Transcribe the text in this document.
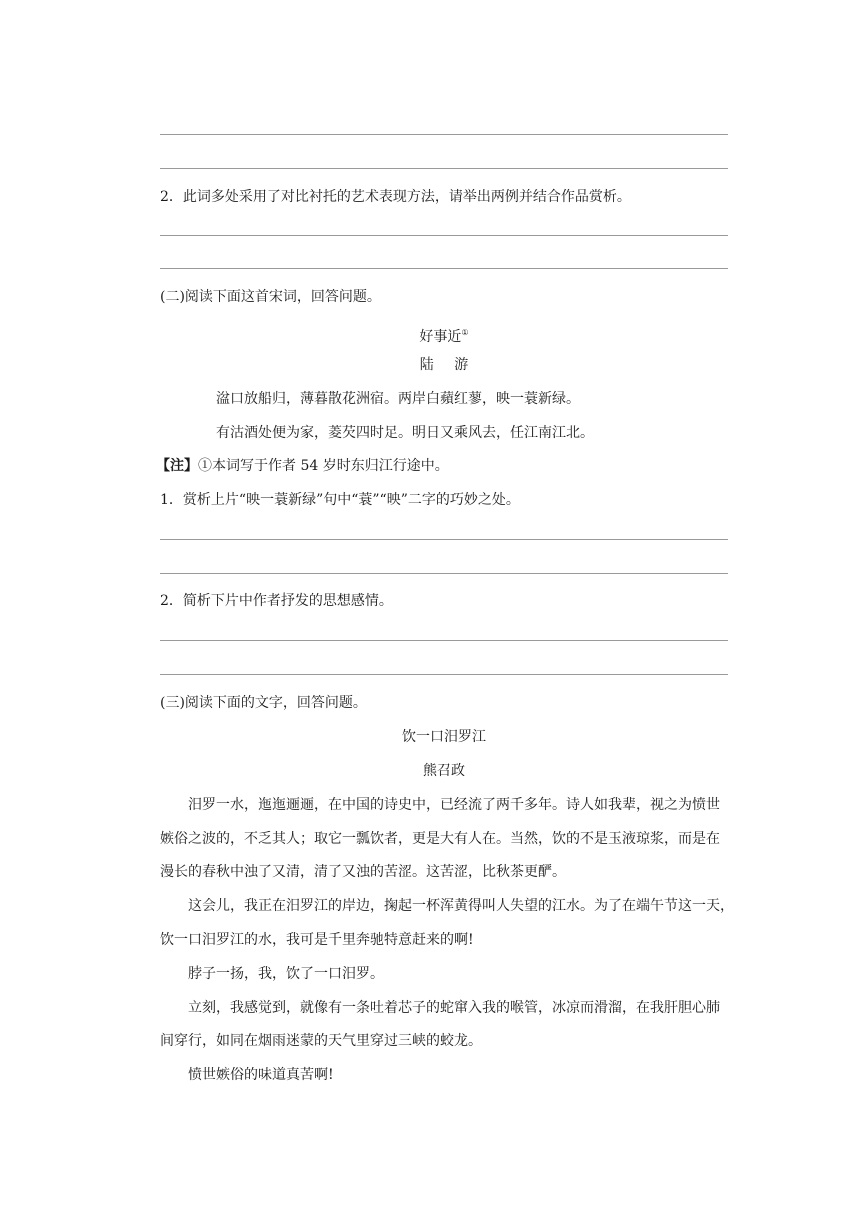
2．此词多处采用了对比衬托的艺术表现方法，请举出两例并结合作品赏析。
(二)阅读下面这首宋词，回答问题。
好事近①
陆 游
湓口放船归，薄暮散花洲宿。两岸白蘋红蓼，映一蓑新绿。
有沽酒处便为家，菱芡四时足。明日又乘风去，任江南江北。
【注】①本词写于作者 54 岁时东归江行途中。
1．赏析上片“映一蓑新绿”句中“蓑”“映”二字的巧妙之处。
2．简析下片中作者抒发的思想感情。
(三)阅读下面的文字，回答问题。
饮一口汨罗江
熊召政
汨罗一水，迤迤逦逦，在中国的诗史中，已经流了两千多年。诗人如我辈，视之为愤世
嫉俗之波的，不乏其人；取它一瓢饮者，更是大有人在。当然，饮的不是玉液琼浆，而是在
漫长的春秋中浊了又清，清了又浊的苦涩。这苦涩，比秋茶更酽。
这会儿，我正在汨罗江的岸边，掬起一杯浑黄得叫人失望的江水。为了在端午节这一天，
饮一口汨罗江的水，我可是千里奔驰特意赶来的啊!
脖子一扬，我，饮了一口汨罗。
立刻，我感觉到，就像有一条吐着芯子的蛇窜入我的喉管，冰凉而滑溜，在我肝胆心肺
间穿行，如同在烟雨迷蒙的天气里穿过三峡的蛟龙。
愤世嫉俗的味道真苦啊!
